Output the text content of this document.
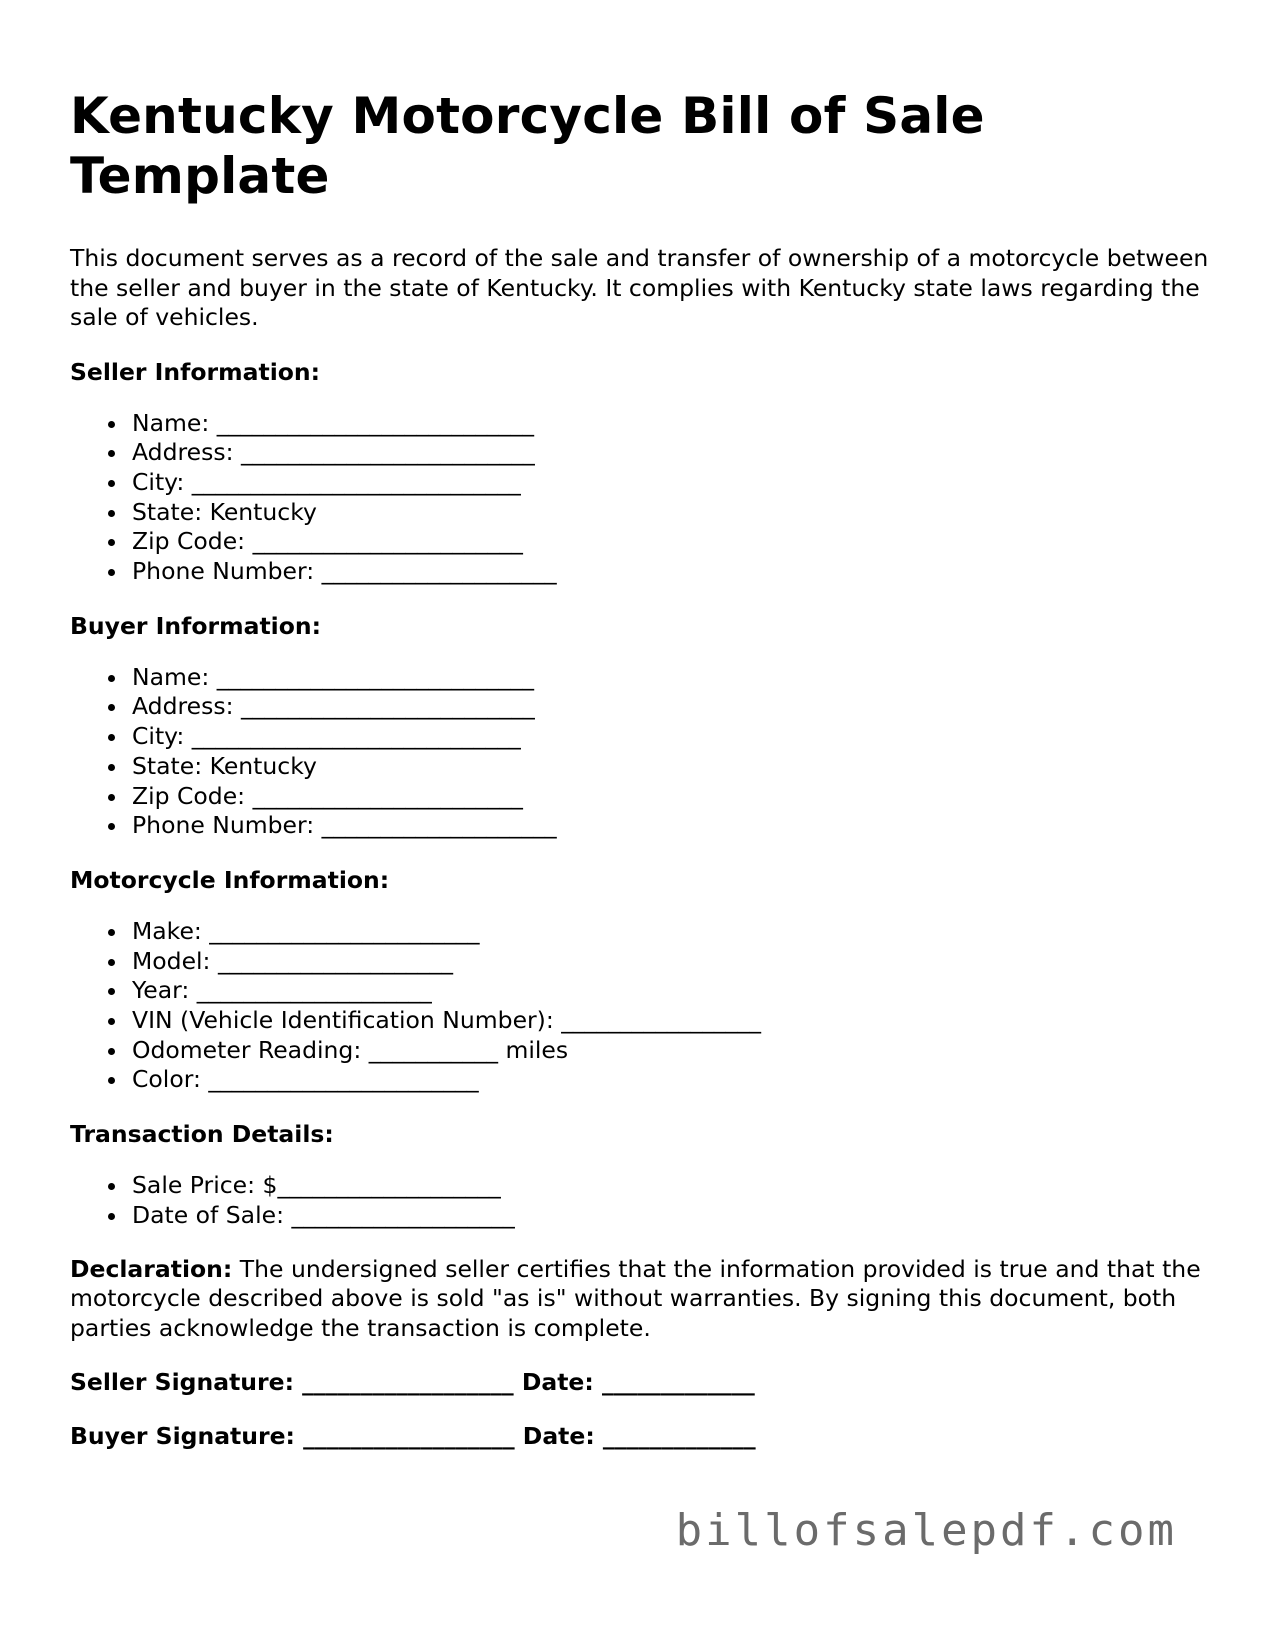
Kentucky Motorcycle Bill of Sale Template

This document serves as a record of the sale and transfer of ownership of a motorcycle between the seller and buyer in the state of Kentucky. It complies with Kentucky state laws regarding the sale of vehicles.

Seller Information:
Name: ___________________________
Address: _________________________
City: ____________________________
State: Kentucky
Zip Code: _______________________
Phone Number: ____________________
Buyer Information:
Name: ___________________________
Address: _________________________
City: ____________________________
State: Kentucky
Zip Code: _______________________
Phone Number: ____________________
Motorcycle Information:
Make: _______________________
Model: ____________________
Year: ____________________
VIN (Vehicle Identification Number): _________________
Odometer Reading: ___________ miles
Color: _______________________
Transaction Details:
Sale Price: $___________________
Date of Sale: ___________________

Declaration: The undersigned seller certifies that the information provided is true and that the motorcycle described above is sold "as is" without warranties. By signing this document, both parties acknowledge the transaction is complete.

Seller Signature: __________________ Date: _____________
Buyer Signature: __________________ Date: _____________
billofsalepdf.com
